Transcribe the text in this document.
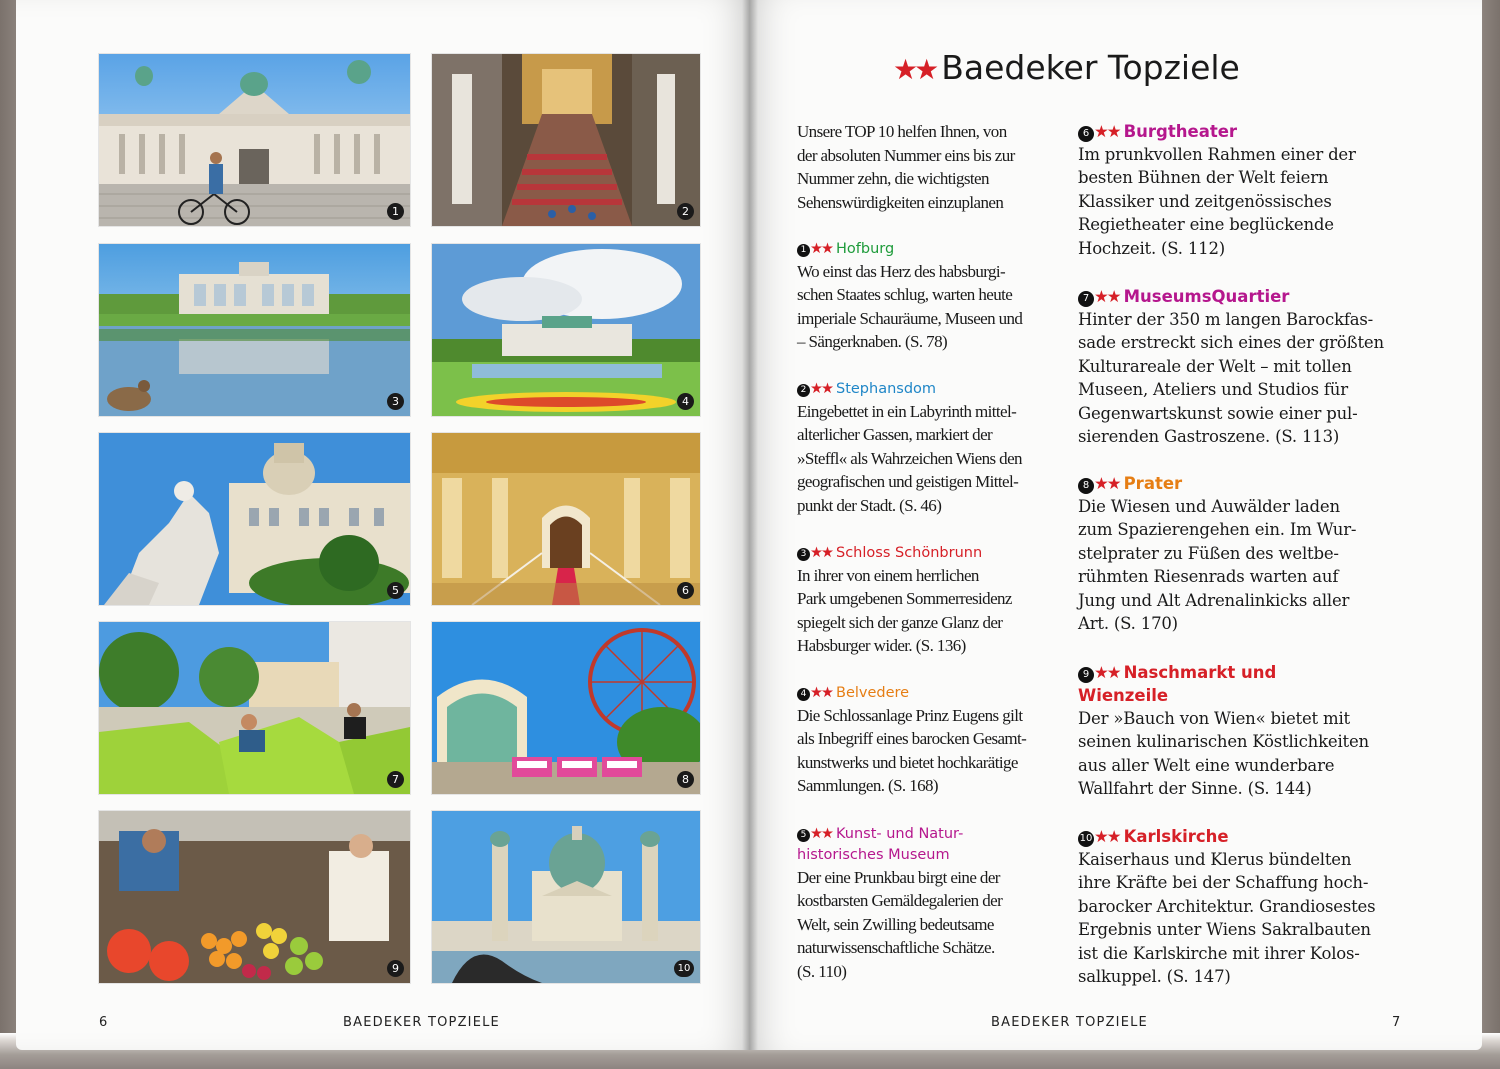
1	2
3	4
5	6
7	8
9	10
6	BAEDEKER TOPZIELE
★★ Baedeker Topziele
Unsere TOP 10 helfen Ihnen, von
der absoluten Nummer eins bis zur
Nummer zehn, die wichtigsten
Sehenswürdigkeiten einzuplanen
1 ★★ Hofburg
Wo einst das Herz des habsburgi-
schen Staates schlug, warten heute
imperiale Schauräume, Museen und
– Sängerknaben. (S. 78)
2 ★★ Stephansdom
Eingebettet in ein Labyrinth mittel-
alterlicher Gassen, markiert der
»Steffl« als Wahrzeichen Wiens den
geografischen und geistigen Mittel-
punkt der Stadt. (S. 46)
3 ★★ Schloss Schönbrunn
In ihrer von einem herrlichen
Park umgebenen Sommerresidenz
spiegelt sich der ganze Glanz der
Habsburger wider. (S. 136)
4 ★★ Belvedere
Die Schlossanlage Prinz Eugens gilt
als Inbegriff eines barocken Gesamt-
kunstwerks und bietet hochkarätige
Sammlungen. (S. 168)
5 ★★ Kunst- und Natur-
historisches Museum
Der eine Prunkbau birgt eine der
kostbarsten Gemäldegalerien der
Welt, sein Zwilling bedeutsame
naturwissenschaftliche Schätze.
(S. 110)
6 ★★ Burgtheater
Im prunkvollen Rahmen einer der
besten Bühnen der Welt feiern
Klassiker und zeitgenössisches
Regietheater eine beglückende
Hochzeit. (S. 112)
7 ★★ MuseumsQuartier
Hinter der 350 m langen Barockfas-
sade erstreckt sich eines der größten
Kulturareale der Welt – mit tollen
Museen, Ateliers und Studios für
Gegenwartskunst sowie einer pul-
sierenden Gastroszene. (S. 113)
8 ★★ Prater
Die Wiesen und Auwälder laden
zum Spazierengehen ein. Im Wur-
stelprater zu Füßen des weltbe-
rühmten Riesenrads warten auf
Jung und Alt Adrenalinkicks aller
Art. (S. 170)
9 ★★ Naschmarkt und
Wienzeile
Der »Bauch von Wien« bietet mit
seinen kulinarischen Köstlichkeiten
aus aller Welt eine wunderbare
Wallfahrt der Sinne. (S. 144)
10★★ Karlskirche
Kaiserhaus und Klerus bündelten
ihre Kräfte bei der Schaffung hoch-
barocker Architektur. Grandiosestes
Ergebnis unter Wiens Sakralbauten
ist die Karlskirche mit ihrer Kolos-
salkuppel. (S. 147)
BAEDEKER TOPZIELE	7
